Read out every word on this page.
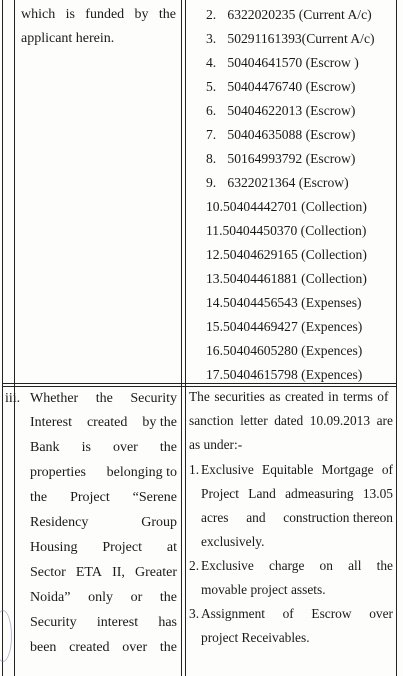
which is funded by the
applicant herein.
2. 6322020235 (Current A/c)
3. 50291161393(Current A/c)
4. 50404641570 (Escrow )
5. 50404476740 (Escrow)
6. 50404622013 (Escrow)
7. 50404635088 (Escrow)
8. 50164993792 (Escrow)
9. 6322021364 (Escrow)
10.50404442701 (Collection)
11.50404450370 (Collection)
12.50404629165 (Collection)
13.50404461881 (Collection)
14.50404456543 (Expenses)
15.50404469427 (Expences)
16.50404605280 (Expences)
17.50404615798 (Expences)
iii. Whether the Security
Interest created by the
Bank is over the
properties belonging to
the Project “Serene
Residency	Group
Housing Project at
Sector ETA II, Greater
Noida” only or the
Security interest has
been created over the
The securities as created in terms of
sanction letter dated 10.09.2013 are
as under:-
1. Exclusive Equitable Mortgage of
Project Land admeasuring 13.05
acres and construction thereon
exclusively.
2. Exclusive charge on all the
movable project assets.
3. Assignment of Escrow over
project Receivables.
